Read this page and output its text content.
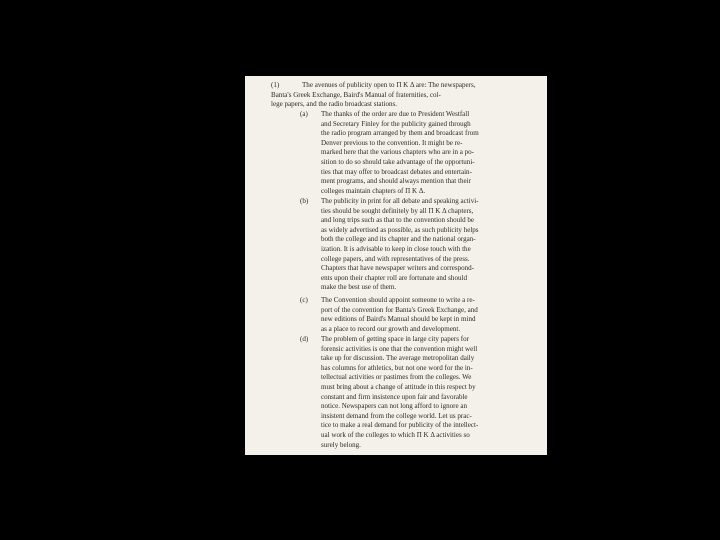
(1)	The avenues of publicity open to Π K Δ are: The newspapers,
Banta's Greek Exchange, Baird's Manual of fraternities, col-
lege papers, and the radio broadcast stations.
(a) The thanks of the order are due to President Westfall
and Secretary Finley for the publicity gained through
the radio program arranged by them and broadcast from
Denver previous to the convention. It might be re-
marked here that the various chapters who are in a po-
sition to do so should take advantage of the opportuni-
ties that may offer to broadcast debates and entertain-
ment programs, and should always mention that their
colleges maintain chapters of Π K Δ.
(b) The publicity in print for all debate and speaking activi-
ties should be sought definitely by all Π K Δ chapters,
and long trips such as that to the convention should be
as widely advertised as possible, as such publicity helps
both the college and its chapter and the national organ-
ization. It is advisable to keep in close touch with the
college papers, and with representatives of the press.
Chapters that have newspaper writers and correspond-
ents upon their chapter roll are fortunate and should
make the best use of them.
(c) The Convention should appoint someone to write a re-
port of the convention for Banta's Greek Exchange, and
new editions of Baird's Manual should be kept in mind
as a place to record our growth and development.
(d) The problem of getting space in large city papers for
forensic activities is one that the convention might well
take up for discussion. The average metropolitan daily
has columns for athletics, but not one word for the in-
tellectual activities or pastimes from the colleges. We
must bring about a change of attitude in this respect by
constant and firm insistence upon fair and favorable
notice. Newspapers can not long afford to ignore an
insistent demand from the college world. Let us prac-
tice to make a real demand for publicity of the intellect-
ual work of the colleges to which Π K Δ activities so
surely belong.
